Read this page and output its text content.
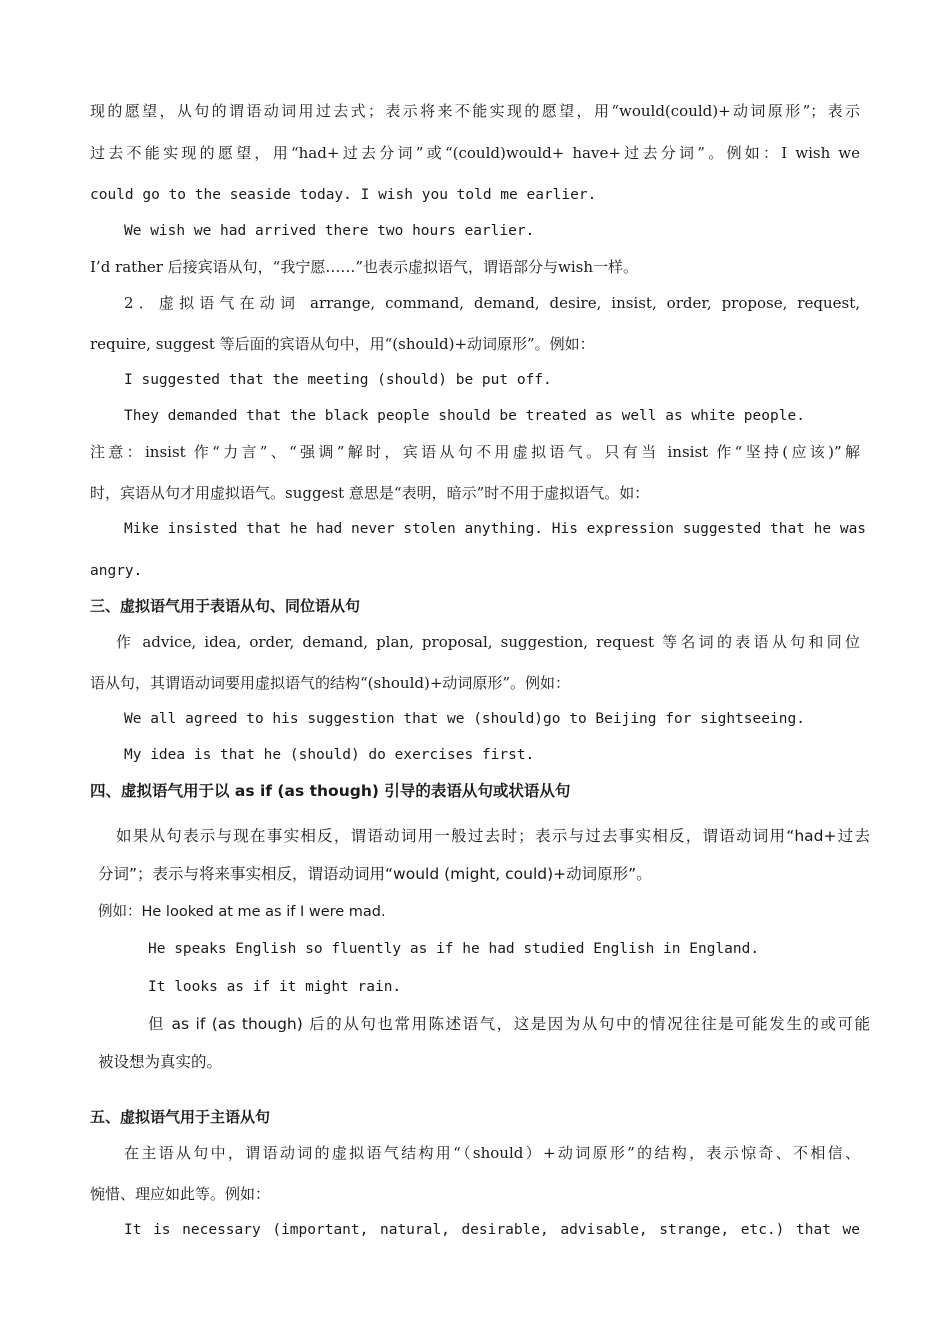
现的愿望，从句的谓语动词用过去式；表示将来不能实现的愿望，用“would(could)+动词原形”；表示
过去不能实现的愿望，用“had+过去分词”或“(could)would+ have+过去分词”。例如：I wish we
could go to the seaside today. I wish you told me earlier.
We wish we had arrived there two hours earlier.
I’d rather 后接宾语从句，“我宁愿……”也表示虚拟语气，谓语部分与wish一样。
2．虚拟语气在动词 arrange, command, demand, desire, insist, order, propose, request,
require, suggest 等后面的宾语从句中，用“(should)+动词原形”。例如：
I suggested that the meeting (should) be put off.
They demanded that the black people should be treated as well as white people.
注意：insist 作“力言”、“强调”解时，宾语从句不用虚拟语气。只有当 insist 作“坚持(应该)”解
时，宾语从句才用虚拟语气。suggest 意思是“表明，暗示”时不用于虚拟语气。如：
Mike insisted that he had never stolen anything. His expression suggested that he was
angry.
三、虚拟语气用于表语从句、同位语从句
作 advice, idea, order, demand, plan, proposal, suggestion, request 等名词的表语从句和同位
语从句，其谓语动词要用虚拟语气的结构“(should)+动词原形”。例如：
We all agreed to his suggestion that we (should)go to Beijing for sightseeing.
My idea is that he (should) do exercises first.
四、虚拟语气用于以 as if (as though) 引导的表语从句或状语从句
如果从句表示与现在事实相反，谓语动词用一般过去时；表示与过去事实相反，谓语动词用“had+过去
分词”；表示与将来事实相反，谓语动词用“would (might, could)+动词原形”。
例如：He looked at me as if I were mad.
He speaks English so fluently as if he had studied English in England.
It looks as if it might rain.
但 as if (as though) 后的从句也常用陈述语气，这是因为从句中的情况往往是可能发生的或可能
被设想为真实的。
五、虚拟语气用于主语从句
在主语从句中，谓语动词的虚拟语气结构用“（should）+动词原形”的结构，表示惊奇、不相信、
惋惜、理应如此等。例如：
It is necessary (important, natural, desirable, advisable, strange, etc.) that we
